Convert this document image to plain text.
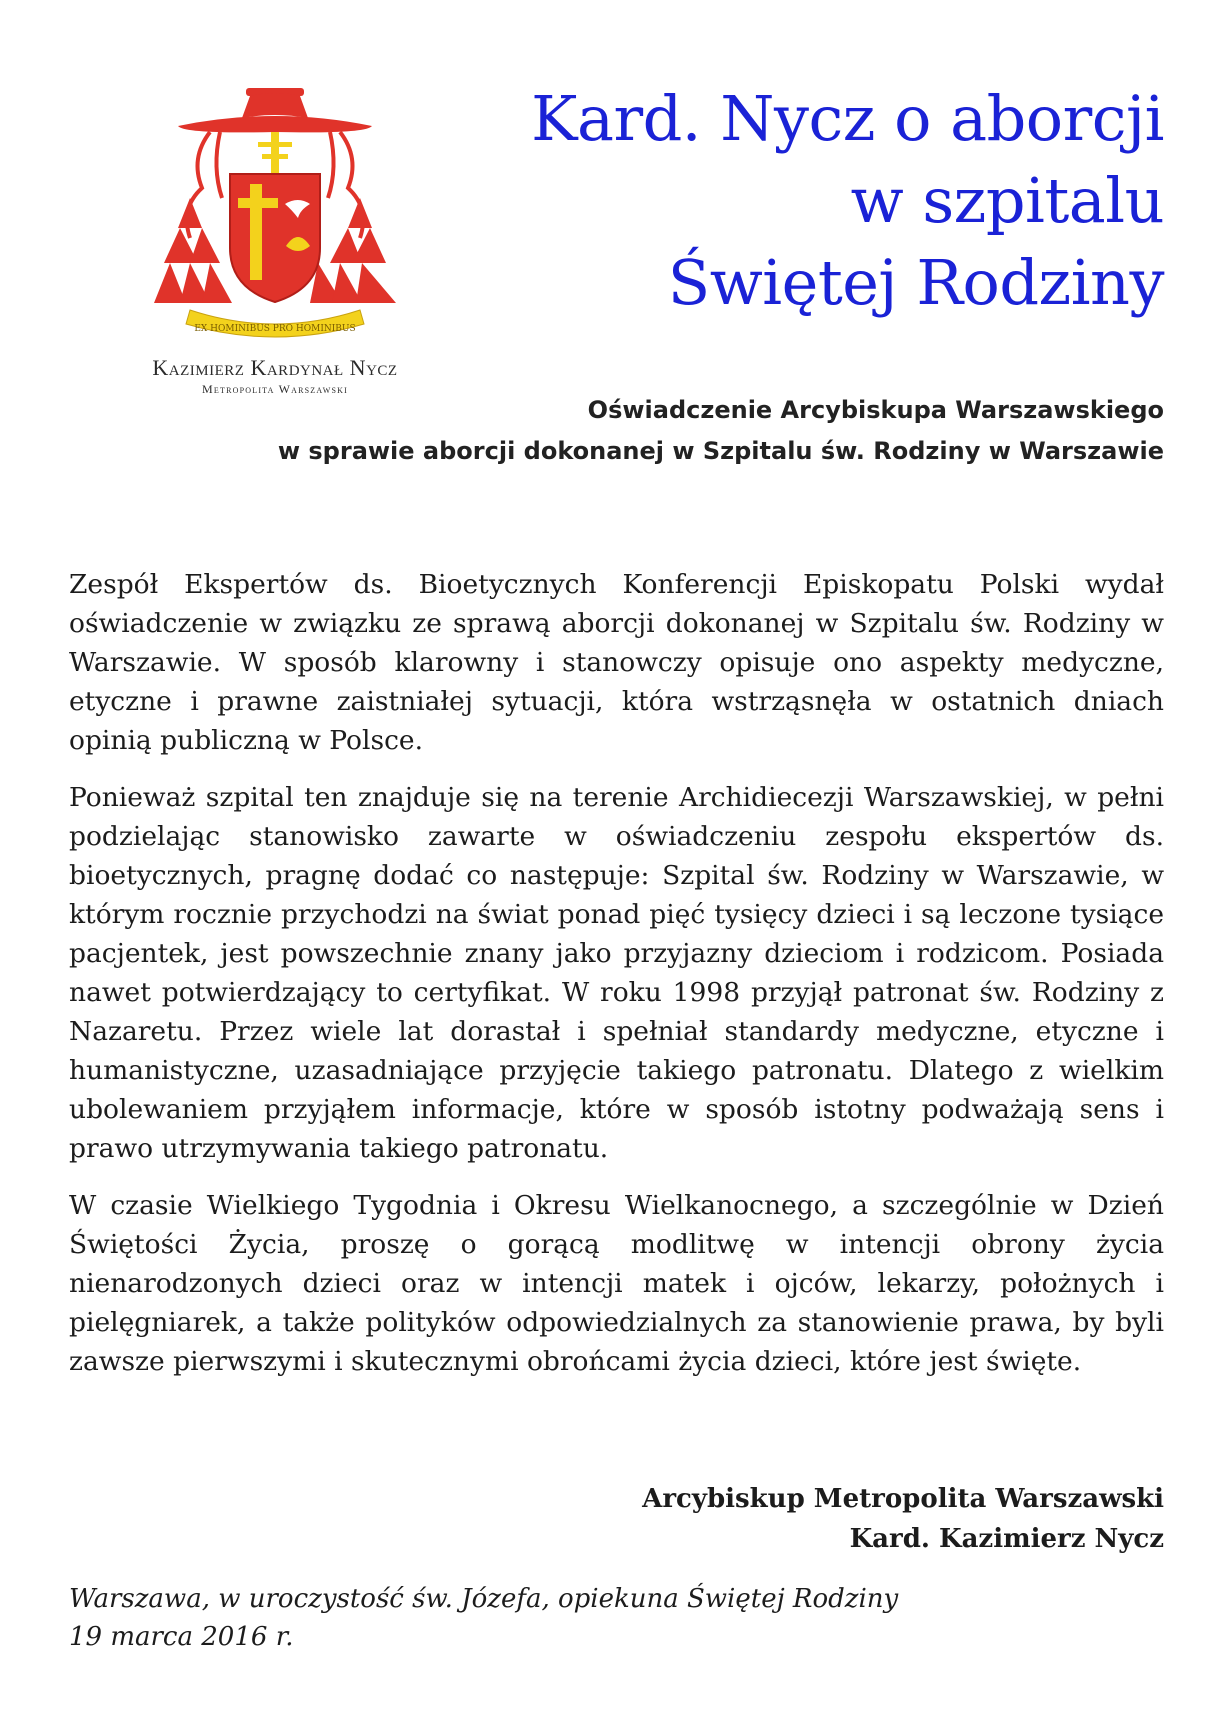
EX HOMINIBUS PRO HOMINIBUS
Kazimierz Kardynał Nycz
Metropolita Warszawski
Kard. Nycz o aborcji
w szpitalu
Świętej Rodziny
Oświadczenie Arcybiskupa Warszawskiego
w sprawie aborcji dokonanej w Szpitalu św. Rodziny w Warszawie

Zespół Ekspertów ds. Bioetycznych Konferencji Episkopatu Polski wydał oświadczenie w związku ze sprawą aborcji dokonanej w Szpitalu św. Rodziny w Warszawie. W sposób klarowny i stanowczy opisuje ono aspekty medyczne, etyczne i prawne zaistniałej sytuacji, która wstrząsnęła w ostatnich dniach opinią publiczną w Polsce.

Ponieważ szpital ten znajduje się na terenie Archidiecezji Warszawskiej, w pełni podzielając stanowisko zawarte w oświadczeniu zespołu ekspertów ds. bioetycznych, pragnę dodać co następuje: Szpital św. Rodziny w Warszawie, w którym rocznie przychodzi na świat ponad pięć tysięcy dzieci i są leczone tysiące pacjentek, jest powszechnie znany jako przyjazny dzieciom i rodzicom. Posiada nawet potwierdzający to certyfikat. W roku 1998 przyjął patronat św. Rodziny z Nazaretu. Przez wiele lat dorastał i spełniał standardy medyczne, etyczne i humanistyczne, uzasadniające przyjęcie takiego patronatu. Dlatego z wielkim ubolewaniem przyjąłem informacje, które w sposób istotny podważają sens i prawo utrzymywania takiego patronatu.

W czasie Wielkiego Tygodnia i Okresu Wielkanocnego, a szczególnie w Dzień Świętości Życia, proszę o gorącą modlitwę w intencji obrony życia nienarodzonych dzieci oraz w intencji matek i ojców, lekarzy, położnych i pielęgniarek, a także polityków odpowiedzialnych za stanowienie prawa, by byli zawsze pierwszymi i skutecznymi obrońcami życia dzieci, które jest święte.

Arcybiskup Metropolita Warszawski
Kard. Kazimierz Nycz
Warszawa, w uroczystość św. Józefa, opiekuna Świętej Rodziny
19 marca 2016 r.
